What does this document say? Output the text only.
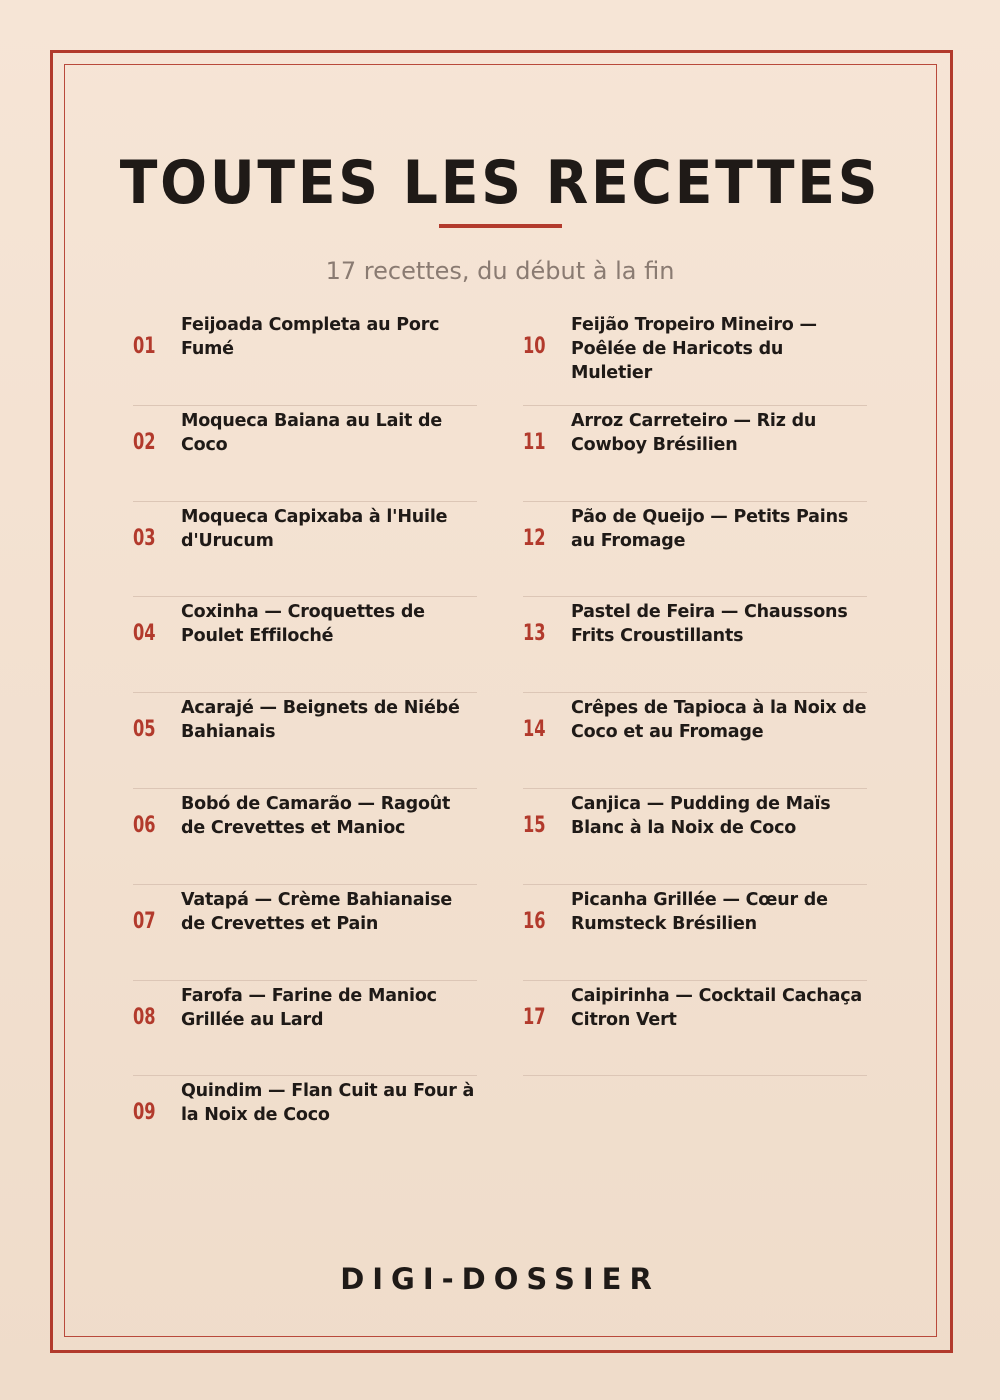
TOUTES LES RECETTES
17 recettes, du début à la fin
01
Feijoada Completa au Porc Fumé
02
Moqueca Baiana au Lait de Coco
03
Moqueca Capixaba à l'Huile d'Urucum
04
Coxinha — Croquettes de Poulet Effiloché
05
Acarajé — Beignets de Niébé Bahianais
06
Bobó de Camarão — Ragoût de Crevettes et Manioc
07
Vatapá — Crème Bahianaise de Crevettes et Pain
08
Farofa — Farine de Manioc Grillée au Lard
09
Quindim — Flan Cuit au Four à la Noix de Coco
10
Feijão Tropeiro Mineiro — Poêlée de Haricots du Muletier
11
Arroz Carreteiro — Riz du Cowboy Brésilien
12
Pão de Queijo — Petits Pains au Fromage
13
Pastel de Feira — Chaussons Frits Croustillants
14
Crêpes de Tapioca à la Noix de Coco et au Fromage
15
Canjica — Pudding de Maïs Blanc à la Noix de Coco
16
Picanha Grillée — Cœur de Rumsteck Brésilien
17
Caipirinha — Cocktail Cachaça Citron Vert
DIGI-DOSSIER
